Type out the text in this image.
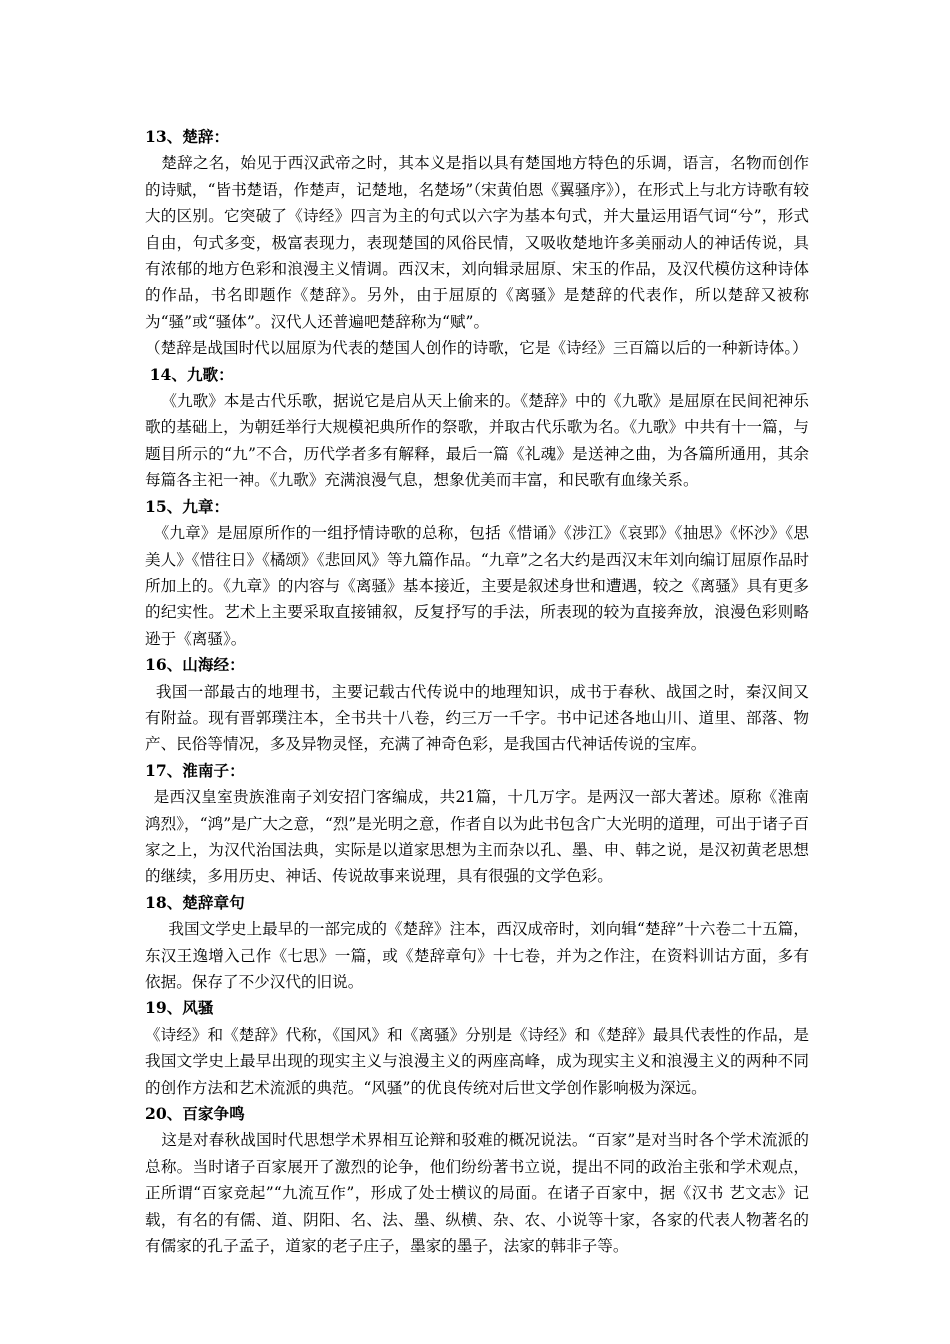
13、楚辞：

楚辞之名，始见于西汉武帝之时，其本义是指以具有楚国地方特色的乐调，语言，名物而创作的诗赋，“皆书楚语，作楚声，记楚地，名楚场”（宋黄伯恩《翼骚序》），在形式上与北方诗歌有较大的区别。它突破了《诗经》四言为主的句式以六字为基本句式，并大量运用语气词“兮”，形式自由，句式多变，极富表现力，表现楚国的风俗民情，又吸收楚地许多美丽动人的神话传说，具有浓郁的地方色彩和浪漫主义情调。西汉末，刘向辑录屈原、宋玉的作品，及汉代模仿这种诗体的作品，书名即题作《楚辞》。另外，由于屈原的《离骚》是楚辞的代表作，所以楚辞又被称为“骚”或“骚体”。汉代人还普遍吧楚辞称为“赋”。

（楚辞是战国时代以屈原为代表的楚国人创作的诗歌，它是《诗经》三百篇以后的一种新诗体。）

14、九歌：

《九歌》本是古代乐歌，据说它是启从天上偷来的。《楚辞》中的《九歌》是屈原在民间祀神乐歌的基础上，为朝廷举行大规模祀典所作的祭歌，并取古代乐歌为名。《九歌》中共有十一篇，与题目所示的“九”不合，历代学者多有解释，最后一篇《礼魂》是送神之曲，为各篇所通用，其余每篇各主祀一神。《九歌》充满浪漫气息，想象优美而丰富，和民歌有血缘关系。

15、九章：

《九章》是屈原所作的一组抒情诗歌的总称，包括《惜诵》《涉江》《哀郢》《抽思》《怀沙》《思美人》《惜往日》《橘颂》《悲回风》等九篇作品。“九章”之名大约是西汉末年刘向编订屈原作品时所加上的。《九章》的内容与《离骚》基本接近，主要是叙述身世和遭遇，较之《离骚》具有更多的纪实性。艺术上主要采取直接铺叙，反复抒写的手法，所表现的较为直接奔放，浪漫色彩则略逊于《离骚》。

16、山海经：

我国一部最古的地理书，主要记载古代传说中的地理知识，成书于春秋、战国之时，秦汉间又有附益。现有晋郭璞注本，全书共十八卷，约三万一千字。书中记述各地山川、道里、部落、物产、民俗等情况，多及异物灵怪，充满了神奇色彩，是我国古代神话传说的宝库。

17、淮南子：

是西汉皇室贵族淮南子刘安招门客编成，共21篇，十几万字。是两汉一部大著述。原称《淮南鸿烈》，“鸿”是广大之意，“烈”是光明之意，作者自以为此书包含广大光明的道理，可出于诸子百家之上，为汉代治国法典，实际是以道家思想为主而杂以孔、墨、申、韩之说，是汉初黄老思想的继续，多用历史、神话、传说故事来说理，具有很强的文学色彩。

18、楚辞章句

我国文学史上最早的一部完成的《楚辞》注本，西汉成帝时，刘向辑“楚辞”十六卷二十五篇，东汉王逸增入己作《七思》一篇，或《楚辞章句》十七卷，并为之作注，在资料训诂方面，多有依据。保存了不少汉代的旧说。

19、风骚

《诗经》和《楚辞》代称，《国风》和《离骚》分别是《诗经》和《楚辞》最具代表性的作品，是我国文学史上最早出现的现实主义与浪漫主义的两座高峰，成为现实主义和浪漫主义的两种不同的创作方法和艺术流派的典范。“风骚”的优良传统对后世文学创作影响极为深远。

20、百家争鸣

这是对春秋战国时代思想学术界相互论辩和驳难的概况说法。“百家”是对当时各个学术流派的总称。当时诸子百家展开了激烈的论争，他们纷纷著书立说，提出不同的政治主张和学术观点，正所谓“百家竞起”“九流互作”，形成了处士横议的局面。在诸子百家中，据《汉书 艺文志》记载，有名的有儒、道、阴阳、名、法、墨、纵横、杂、农、小说等十家，各家的代表人物著名的有儒家的孔子孟子，道家的老子庄子，墨家的墨子，法家的韩非子等。
